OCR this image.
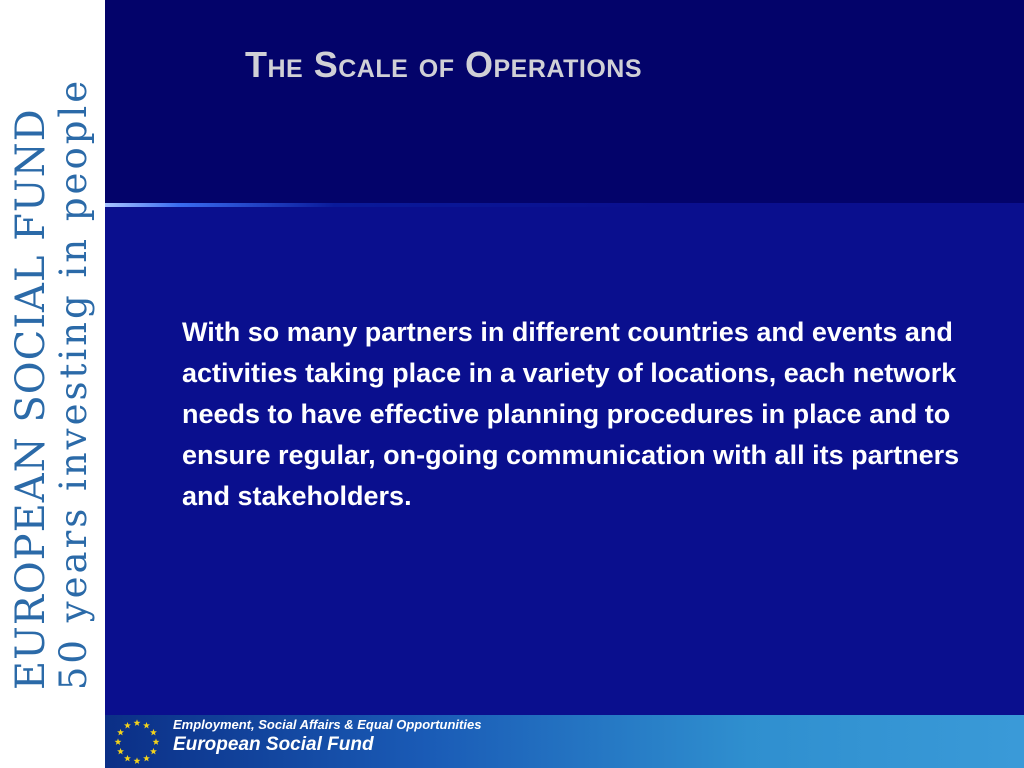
EUROPEAN SOCIAL FUND
50 years investing in people
The Scale of Operations

With so many partners in different countries and events and activities taking place in a variety of locations, each network needs to have effective planning procedures in place and to ensure regular, on-going communication with all its partners and stakeholders.

Employment, Social Affairs & Equal Opportunities
European Social Fund
